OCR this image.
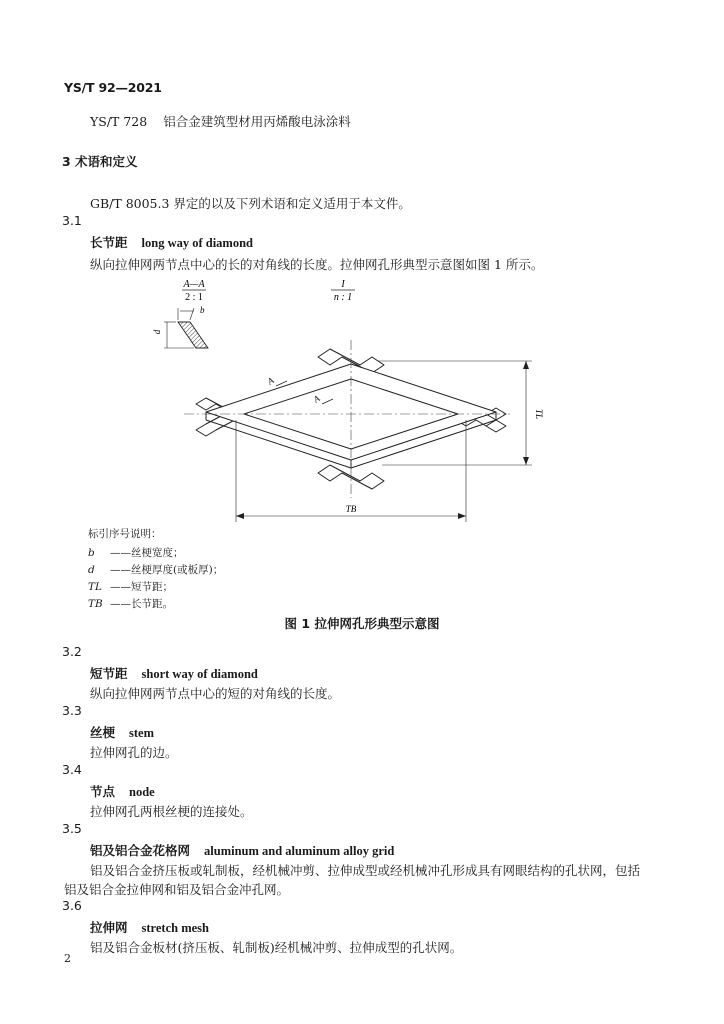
YS/T 92—2021
YS/T 728 铝合金建筑型材用丙烯酸电泳涂料
3 术语和定义
GB/T 8005.3 界定的以及下列术语和定义适用于本文件。
3.1
长节距 long way of diamond
纵向拉伸网两节点中心的长的对角线的长度。拉伸网孔形典型示意图如图 1 所示。
A—A
2 : 1
I
n : 1
b
d
A
A
TL
TB
标引序号说明：
b ——丝梗宽度；
d ——丝梗厚度(或板厚)；
TL ——短节距；
TB ——长节距。
图 1 拉伸网孔形典型示意图
3.2
短节距 short way of diamond
纵向拉伸网两节点中心的短的对角线的长度。
3.3
丝梗 stem
拉伸网孔的边。
3.4
节点 node
拉伸网孔两根丝梗的连接处。
3.5
铝及铝合金花格网 aluminum and aluminum alloy grid
铝及铝合金挤压板或轧制板，经机械冲剪、拉伸成型或经机械冲孔形成具有网眼结构的孔状网，包括
铝及铝合金拉伸网和铝及铝合金冲孔网。
3.6
拉伸网 stretch mesh
铝及铝合金板材(挤压板、轧制板)经机械冲剪、拉伸成型的孔状网。
2
